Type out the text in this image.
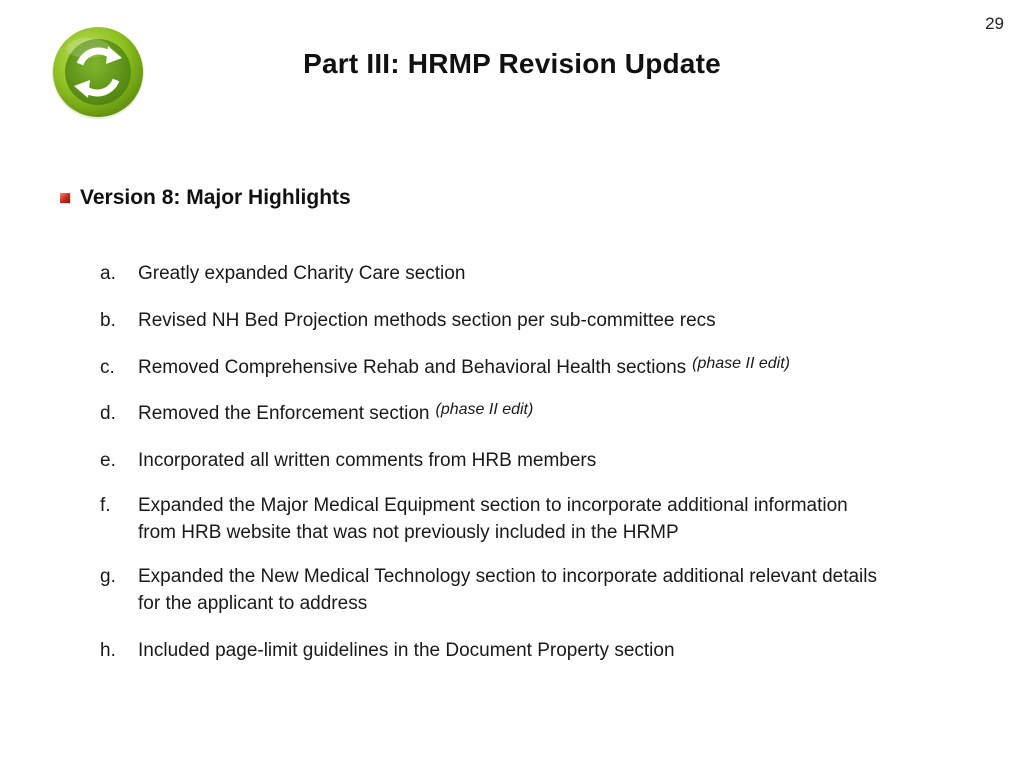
29
Part III: HRMP Revision Update
Version 8: Major Highlights
a.	Greatly expanded Charity Care section
b.	Revised NH Bed Projection methods section per sub-committee recs
c.	Removed Comprehensive Rehab and Behavioral Health sections $^{(phase II edit)}$
d.	Removed the Enforcement section $^{(phase II edit)}$
e.	Incorporated all written comments from HRB members
f.	Expanded the Major Medical Equipment section to incorporate additional information from HRB website that was not previously included in the HRMP
g.	Expanded the New Medical Technology section to incorporate additional relevant details for the applicant to address
h.	Included page-limit guidelines in the Document Property section
